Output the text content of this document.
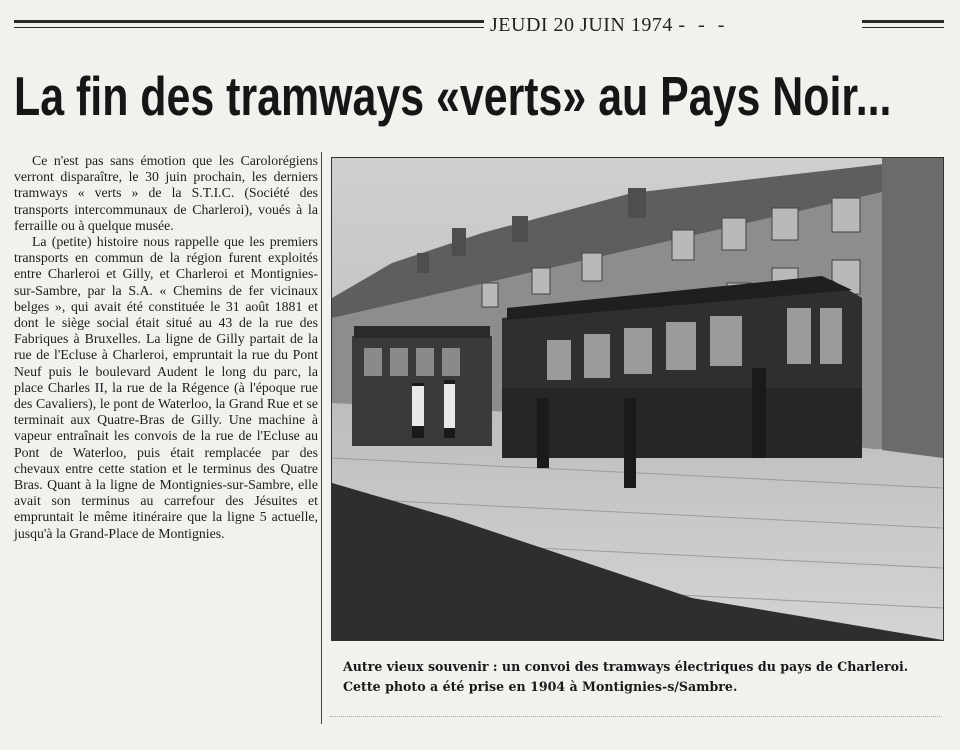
JEUDI 20 JUIN 1974 - - -
La fin des tramways «verts» au Pays Noir...

Ce n'est pas sans émotion que les Carolorégiens verront disparaître, le 30 juin prochain, les derniers tramways « verts » de la S.T.I.C. (Société des transports intercommunaux de Charleroi), voués à la ferraille ou à quelque musée.

La (petite) histoire nous rappelle que les premiers transports en commun de la région furent exploités entre Charleroi et Gilly, et Charleroi et Montignies-sur-Sambre, par la S.A. « Chemins de fer vicinaux belges », qui avait été constituée le 31 août 1881 et dont le siège social était situé au 43 de la rue des Fabriques à Bruxelles. La ligne de Gilly partait de la rue de l'Ecluse à Charleroi, empruntait la rue du Pont Neuf puis le boulevard Audent le long du parc, la place Charles II, la rue de la Régence (à l'époque rue des Cavaliers), le pont de Waterloo, la Grand Rue et se terminait aux Quatre-Bras de Gilly. Une machine à vapeur entraînait les convois de la rue de l'Ecluse au Pont de Waterloo, puis était remplacée par des chevaux entre cette station et le terminus des Quatre Bras. Quant à la ligne de Montignies-sur-Sambre, elle avait son terminus au carrefour des Jésuites et empruntait le même itinéraire que la ligne 5 actuelle, jusqu'à la Grand-Place de Montignies.

Autre vieux souvenir : un convoi des tramways électriques du pays de Charleroi. Cette photo a été prise en 1904 à Montignies-s/Sambre.
